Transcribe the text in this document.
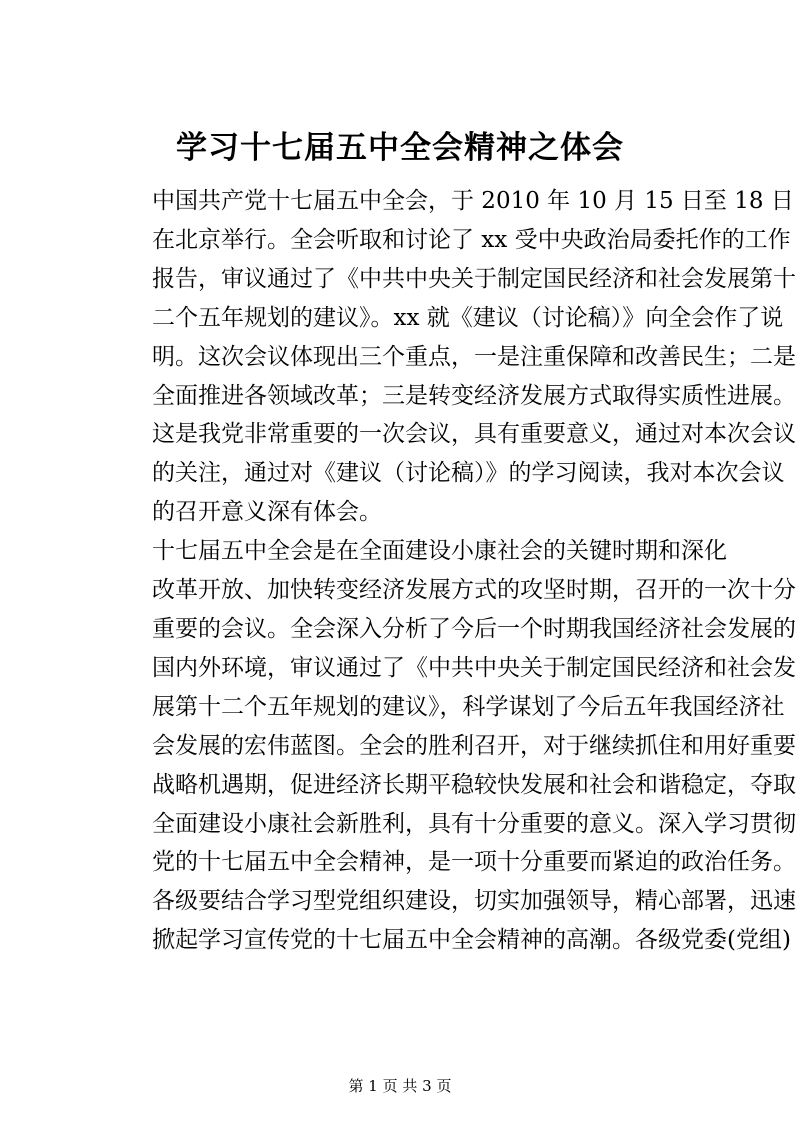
学习十七届五中全会精神之体会
中国共产党十七届五中全会，于 2010 年 10 月 15 日至 18 日
在北京举行。全会听取和讨论了 xx 受中央政治局委托作的工作
报告，审议通过了《中共中央关于制定国民经济和社会发展第十
二个五年规划的建议》。xx 就《建议（讨论稿）》向全会作了说
明。这次会议体现出三个重点，一是注重保障和改善民生；二是
全面推进各领域改革；三是转变经济发展方式取得实质性进展。
这是我党非常重要的一次会议，具有重要意义，通过对本次会议
的关注，通过对《建议（讨论稿）》的学习阅读，我对本次会议
的召开意义深有体会。
十七届五中全会是在全面建设小康社会的关键时期和深化
改革开放、加快转变经济发展方式的攻坚时期，召开的一次十分
重要的会议。全会深入分析了今后一个时期我国经济社会发展的
国内外环境，审议通过了《中共中央关于制定国民经济和社会发
展第十二个五年规划的建议》，科学谋划了今后五年我国经济社
会发展的宏伟蓝图。全会的胜利召开，对于继续抓住和用好重要
战略机遇期，促进经济长期平稳较快发展和社会和谐稳定，夺取
全面建设小康社会新胜利，具有十分重要的意义。深入学习贯彻
党的十七届五中全会精神，是一项十分重要而紧迫的政治任务。
各级要结合学习型党组织建设，切实加强领导，精心部署，迅速
掀起学习宣传党的十七届五中全会精神的高潮。各级党委(党组)
第 1 页 共 3 页
